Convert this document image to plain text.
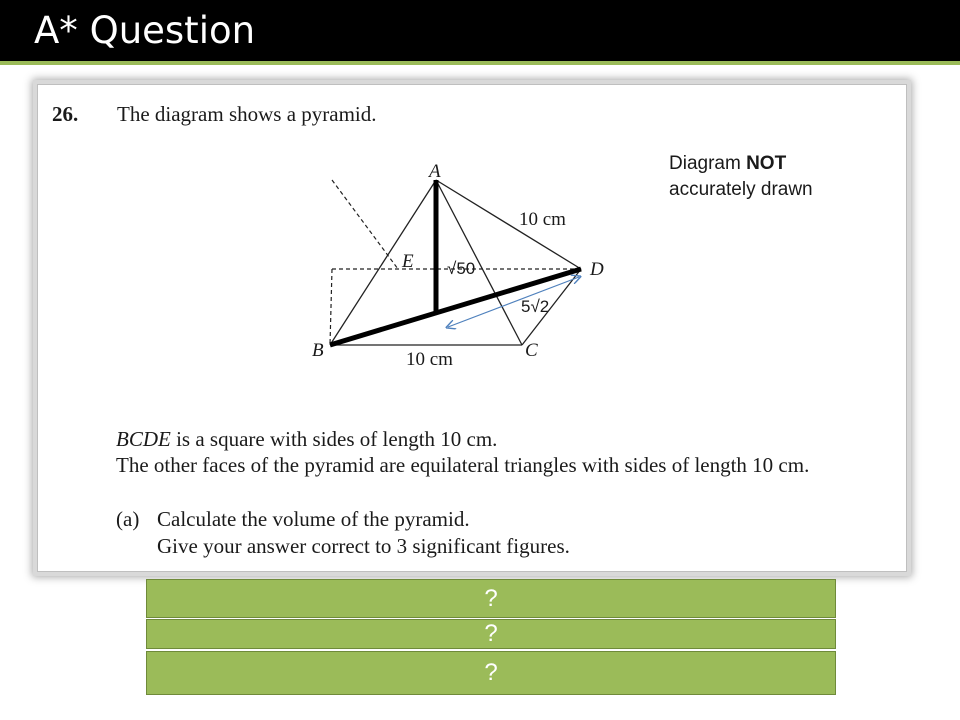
A* Question
26. The diagram shows a pyramid.
Diagram NOT
accurately drawn
A
B	C
D
E
10 cm
10 cm
√50
5√2
BCDE is a square with sides of length 10 cm.
The other faces of the pyramid are equilateral triangles with sides of length 10 cm.
(a) Calculate the volume of the pyramid.
Give your answer correct to 3 significant figures.
?
?
?
